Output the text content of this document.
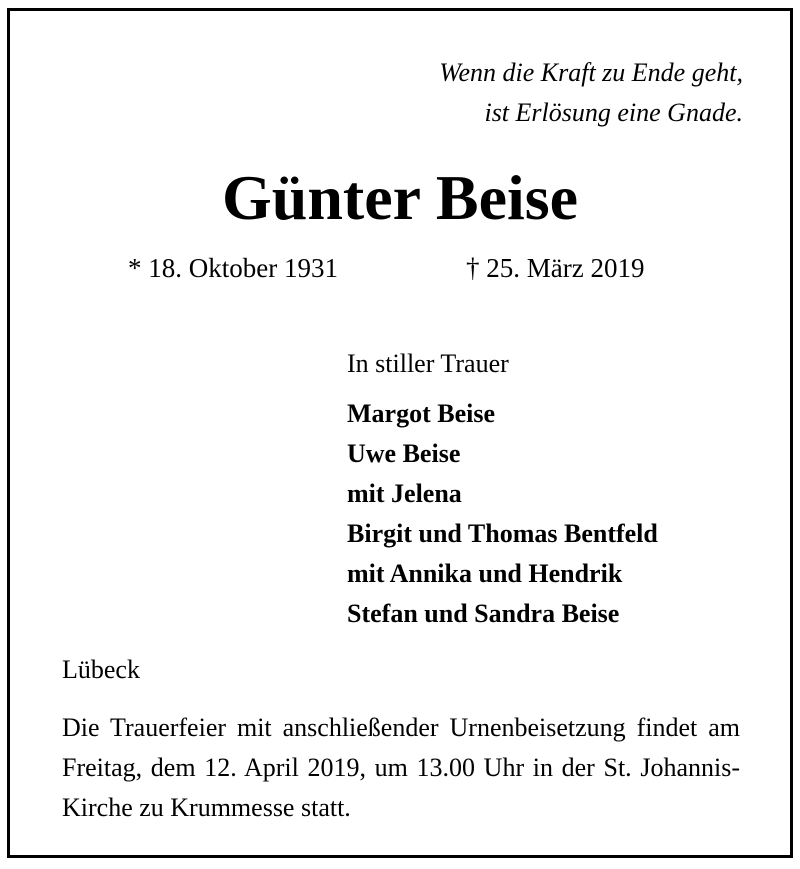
Wenn die Kraft zu Ende geht,
ist Erlösung eine Gnade.
Günter Beise
* 18. Oktober 1931	† 25. März 2019
In stiller Trauer
Margot Beise
Uwe Beise
mit Jelena
Birgit und Thomas Bentfeld
mit Annika und Hendrik
Stefan und Sandra Beise
Lübeck
Die Trauerfeier mit anschließender Urnenbeisetzung findet am Freitag, dem 12. April 2019, um 13.00 Uhr in der St. Johannis-Kirche zu Krummesse statt.
